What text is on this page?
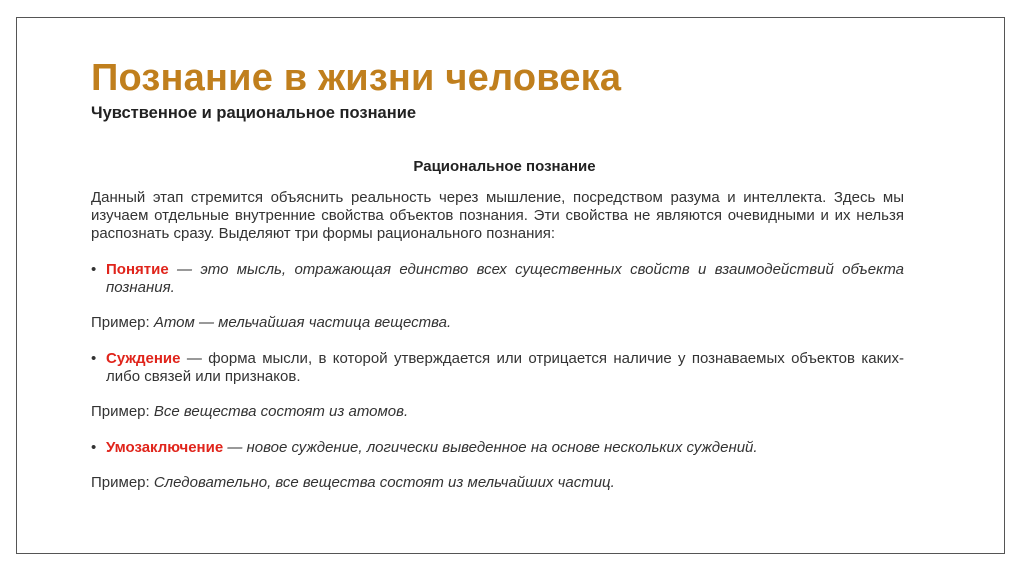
Познание в жизни человека
Чувственное и рациональное познание
Рациональное познание

Данный этап стремится объяснить реальность через мышление, посредством разума и интеллекта. Здесь мы изучаем отдельные внутренние свойства объектов познания. Эти свойства не являются очевидными и их нельзя распознать сразу. Выделяют три формы рационального познания:

• Понятие — это мысль, отражающая единство всех существенных свойств и взаимодействий объекта познания.

Пример: Атом — мельчайшая частица вещества.

• Суждение — форма мысли, в которой утверждается или отрицается наличие у познаваемых объектов каких-либо связей или признаков.

Пример: Все вещества состоят из атомов.

• Умозаключение — новое суждение, логически выведенное на основе нескольких суждений.

Пример: Следовательно, все вещества состоят из мельчайших частиц.
